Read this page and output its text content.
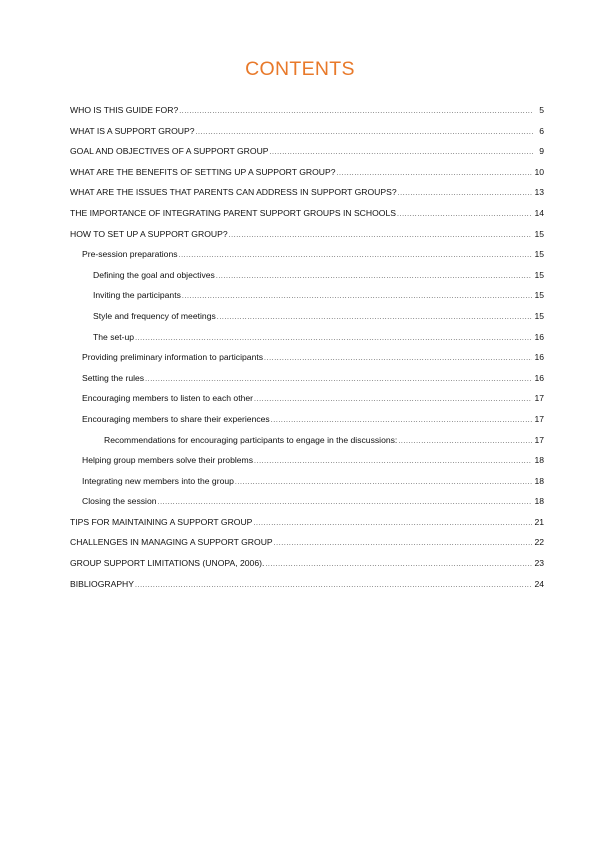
CONTENTS
WHO IS THIS GUIDE FOR? .....	5
WHAT IS A SUPPORT GROUP? .....	6
GOAL AND OBJECTIVES OF A SUPPORT GROUP .....	9
WHAT ARE THE BENEFITS OF SETTING UP A SUPPORT GROUP? .....	10
WHAT ARE THE ISSUES THAT PARENTS CAN ADDRESS IN SUPPORT GROUPS? .....	13
THE IMPORTANCE OF INTEGRATING PARENT SUPPORT GROUPS IN SCHOOLS .....	14
HOW TO SET UP A SUPPORT GROUP? .....	15
Pre-session preparations .....	15
Defining the goal and objectives .....	15
Inviting the participants .....	15
Style and frequency of meetings .....	15
The set-up .....	16
Providing preliminary information to participants .....	16
Setting the rules .....	16
Encouraging members to listen to each other .....	17
Encouraging members to share their experiences .....	17
Recommendations for encouraging participants to engage in the discussions: .....	17
Helping group members solve their problems .....	18
Integrating new members into the group .....	18
Closing the session .....	18
TIPS FOR MAINTAINING A SUPPORT GROUP .....	21
CHALLENGES IN MANAGING A SUPPORT GROUP .....	22
GROUP SUPPORT LIMITATIONS (UNOPA, 2006). .....	23
BIBLIOGRAPHY .....	24
